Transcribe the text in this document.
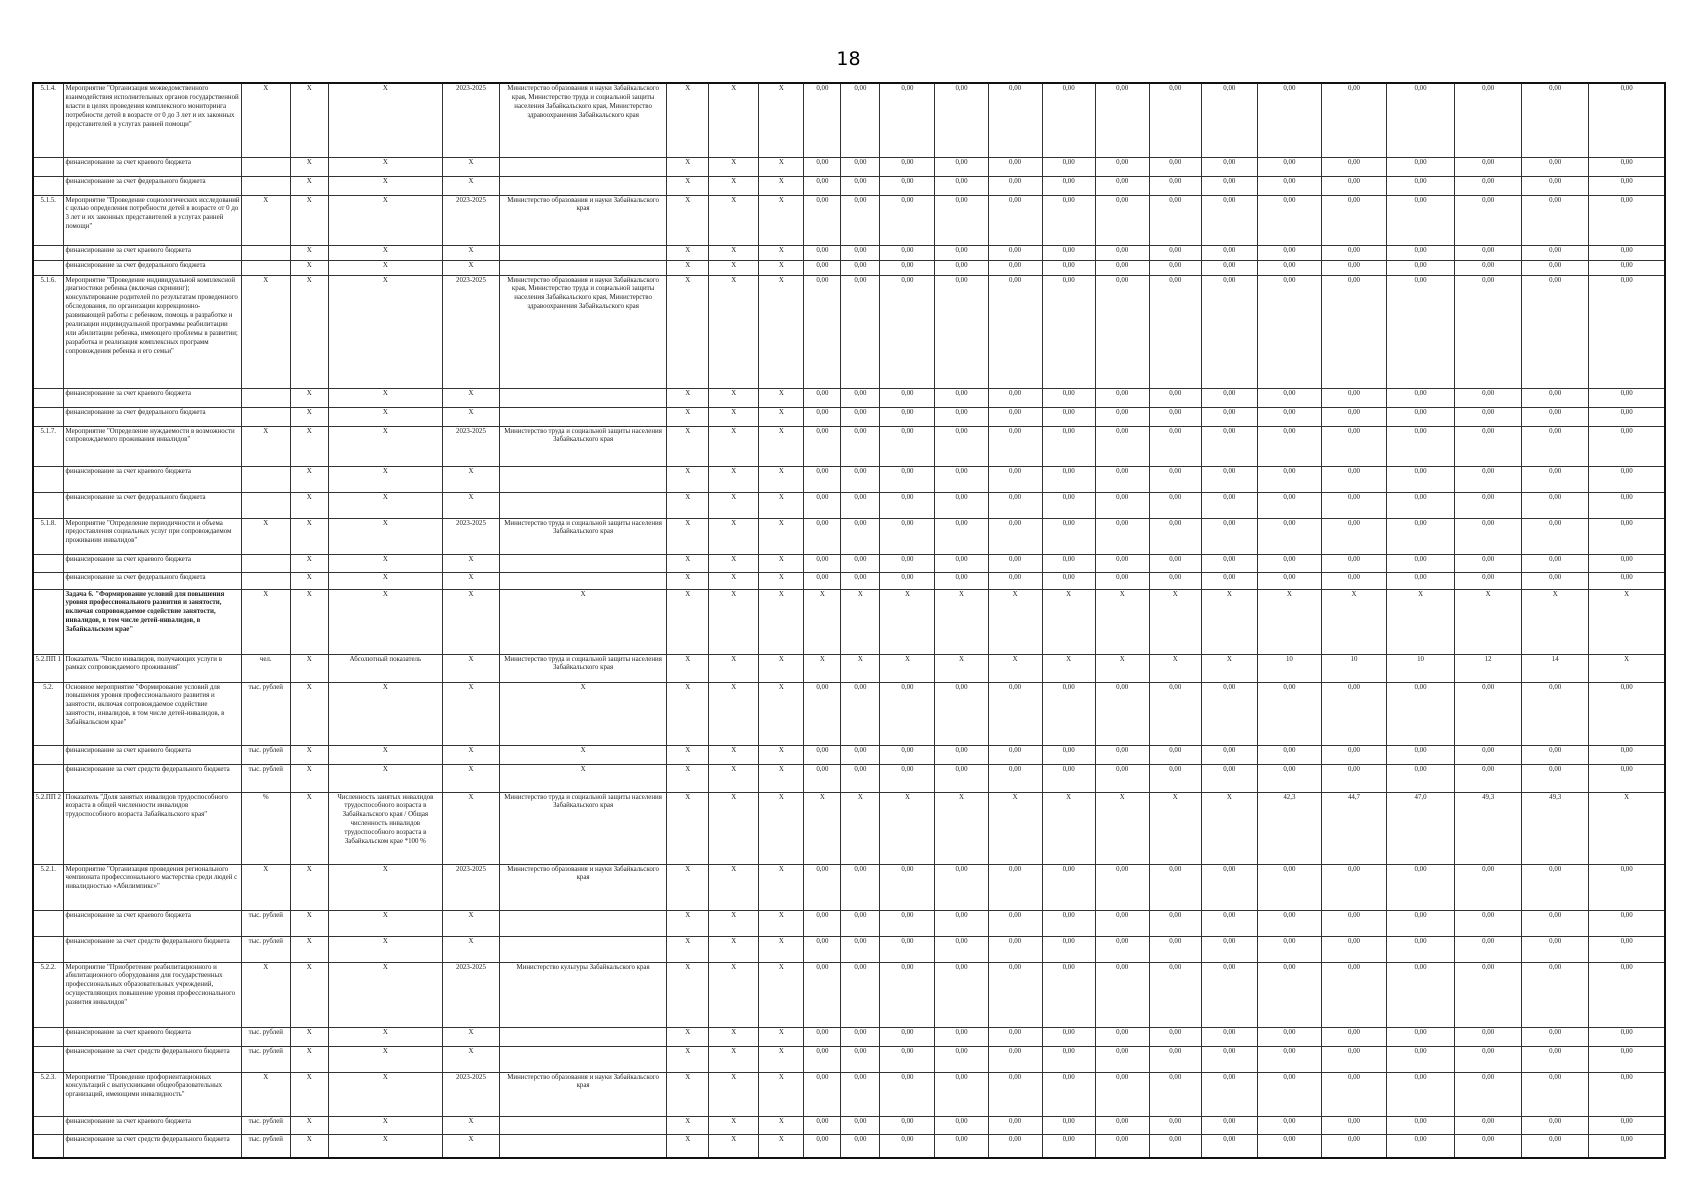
18
5.1.4.	Мероприятие "Организация межведомственного взаимодействия исполнительных органов государственной власти в целях проведения комплексного мониторинга потребности детей в возрасте от 0 до 3 лет и их законных представителей в услугах ранней помощи"	Х	Х	Х	2023-2025	Министерство образования и науки Забайкальского края, Министерство труда и социальной защиты населения Забайкальского края, Министерство здравоохранения Забайкальского края	Х	Х	Х	0,00	0,00	0,00	0,00	0,00	0,00	0,00	0,00	0,00	0,00	0,00	0,00	0,00	0,00	0,00
	финансирование за счет краевого бюджета		Х	Х	Х		Х	Х	Х	0,00	0,00	0,00	0,00	0,00	0,00	0,00	0,00	0,00	0,00	0,00	0,00	0,00	0,00	0,00
	финансирование за счет федерального бюджета		Х	Х	Х		Х	Х	Х	0,00	0,00	0,00	0,00	0,00	0,00	0,00	0,00	0,00	0,00	0,00	0,00	0,00	0,00	0,00
5.1.5.	Мероприятие "Проведение социологических исследований с целью определения потребности детей в возрасте от 0 до 3 лет и их законных представителей в услугах ранней помощи"	Х	Х	Х	2023-2025	Министерство образования и науки Забайкальского края	Х	Х	Х	0,00	0,00	0,00	0,00	0,00	0,00	0,00	0,00	0,00	0,00	0,00	0,00	0,00	0,00	0,00
	финансирование за счет краевого бюджета		Х	Х	Х		Х	Х	Х	0,00	0,00	0,00	0,00	0,00	0,00	0,00	0,00	0,00	0,00	0,00	0,00	0,00	0,00	0,00
	финансирование за счет федерального бюджета		Х	Х	Х		Х	Х	Х	0,00	0,00	0,00	0,00	0,00	0,00	0,00	0,00	0,00	0,00	0,00	0,00	0,00	0,00	0,00
5.1.6.	Мероприятие "Проведение индивидуальной комплексной диагностики ребенка (включая скрининг); консультирование родителей по результатам проведенного обследования, по организации коррекционно-развивающей работы с ребенком, помощь в разработке и реализации индивидуальной программы реабилитации или абилитации ребенка, имеющего проблемы в развитии; разработка и реализация комплексных программ сопровождения ребенка и его семьи"	Х	Х	Х	2023-2025	Министерство образования и науки Забайкальского края, Министерство труда и социальной защиты населения Забайкальского края, Министерство здравоохранения Забайкальского края	Х	Х	Х	0,00	0,00	0,00	0,00	0,00	0,00	0,00	0,00	0,00	0,00	0,00	0,00	0,00	0,00	0,00
	финансирование за счет краевого бюджета		Х	Х	Х		Х	Х	Х	0,00	0,00	0,00	0,00	0,00	0,00	0,00	0,00	0,00	0,00	0,00	0,00	0,00	0,00	0,00
	финансирование за счет федерального бюджета		Х	Х	Х		Х	Х	Х	0,00	0,00	0,00	0,00	0,00	0,00	0,00	0,00	0,00	0,00	0,00	0,00	0,00	0,00	0,00
5.1.7.	Мероприятие "Определение нуждаемости в возможности сопровождаемого проживания инвалидов"	Х	Х	Х	2023-2025	Министерство труда и социальной защиты населения Забайкальского края	Х	Х	Х	0,00	0,00	0,00	0,00	0,00	0,00	0,00	0,00	0,00	0,00	0,00	0,00	0,00	0,00	0,00
	финансирование за счет краевого бюджета		Х	Х	Х		Х	Х	Х	0,00	0,00	0,00	0,00	0,00	0,00	0,00	0,00	0,00	0,00	0,00	0,00	0,00	0,00	0,00
	финансирование за счет федерального бюджета		Х	Х	Х		Х	Х	Х	0,00	0,00	0,00	0,00	0,00	0,00	0,00	0,00	0,00	0,00	0,00	0,00	0,00	0,00	0,00
5.1.8.	Мероприятие "Определение периодичности и объема предоставления социальных услуг при сопровождаемом проживании инвалидов"	Х	Х	Х	2023-2025	Министерство труда и социальной защиты населения Забайкальского края	Х	Х	Х	0,00	0,00	0,00	0,00	0,00	0,00	0,00	0,00	0,00	0,00	0,00	0,00	0,00	0,00	0,00
	финансирование за счет краевого бюджета		Х	Х	Х		Х	Х	Х	0,00	0,00	0,00	0,00	0,00	0,00	0,00	0,00	0,00	0,00	0,00	0,00	0,00	0,00	0,00
	финансирование за счет федерального бюджета		Х	Х	Х		Х	Х	Х	0,00	0,00	0,00	0,00	0,00	0,00	0,00	0,00	0,00	0,00	0,00	0,00	0,00	0,00	0,00
	Задача 6. "Формирование условий для повышения уровня профессионального развития и занятости, включая сопровождаемое содействие занятости, инвалидов, в том числе детей-инвалидов, в Забайкальском крае"	Х	Х	Х	Х	Х	Х	Х	Х	Х	Х	Х	Х	Х	Х	Х	Х	Х	Х	Х	Х	Х	Х	Х
5.2.ПП 1	Показатель "Число инвалидов, получающих услуги в рамках сопровождаемого проживания"	чел.	Х	Абсолютный показатель	Х	Министерство труда и социальной защиты населения Забайкальского края	Х	Х	Х	Х	Х	Х	Х	Х	Х	Х	Х	Х	10	10	10	12	14	Х
5.2.	Основное мероприятие "Формирование условий для повышения уровня профессионального развития и занятости, включая сопровождаемое содействие занятости, инвалидов, в том числе детей-инвалидов, в Забайкальском крае"	тыс. рублей	Х	Х	Х	Х	Х	Х	Х	0,00	0,00	0,00	0,00	0,00	0,00	0,00	0,00	0,00	0,00	0,00	0,00	0,00	0,00	0,00
	финансирование за счет краевого бюджета	тыс. рублей	Х	Х	Х	Х	Х	Х	Х	0,00	0,00	0,00	0,00	0,00	0,00	0,00	0,00	0,00	0,00	0,00	0,00	0,00	0,00	0,00
	финансирование за счет средств федерального бюджета	тыс. рублей	Х	Х	Х	Х	Х	Х	Х	0,00	0,00	0,00	0,00	0,00	0,00	0,00	0,00	0,00	0,00	0,00	0,00	0,00	0,00	0,00
5.2.ПП 2	Показатель "Доля занятых инвалидов трудоспособного возраста в общей численности инвалидов трудоспособного возраста Забайкальского края"	%	Х	Численность занятых инвалидов трудоспособного возраста в Забайкальского края / Общая численность инвалидов трудоспособного возраста в Забайкальском крае *100 %	Х	Министерство труда и социальной защиты населения Забайкальского края	Х	Х	Х	Х	Х	Х	Х	Х	Х	Х	Х	Х	42,3	44,7	47,0	49,3	49,3	Х
5.2.1.	Мероприятие "Организация проведения регионального чемпионата профессионального мастерства среди людей с инвалидностью «Абилимпикс»"	Х	Х	Х	2023-2025	Министерство образования и науки Забайкальского края	Х	Х	Х	0,00	0,00	0,00	0,00	0,00	0,00	0,00	0,00	0,00	0,00	0,00	0,00	0,00	0,00	0,00
	финансирование за счет краевого бюджета	тыс. рублей	Х	Х	Х		Х	Х	Х	0,00	0,00	0,00	0,00	0,00	0,00	0,00	0,00	0,00	0,00	0,00	0,00	0,00	0,00	0,00
	финансирование за счет средств федерального бюджета	тыс. рублей	Х	Х	Х		Х	Х	Х	0,00	0,00	0,00	0,00	0,00	0,00	0,00	0,00	0,00	0,00	0,00	0,00	0,00	0,00	0,00
5.2.2.	Мероприятие "Приобретение реабилитационного и абилитационного оборудования для государственных профессиональных образовательных учреждений, осуществляющих повышение уровня профессионального развития инвалидов"	Х	Х	Х	2023-2025	Министерство культуры Забайкальского края	Х	Х	Х	0,00	0,00	0,00	0,00	0,00	0,00	0,00	0,00	0,00	0,00	0,00	0,00	0,00	0,00	0,00
	финансирование за счет краевого бюджета	тыс. рублей	Х	Х	Х		Х	Х	Х	0,00	0,00	0,00	0,00	0,00	0,00	0,00	0,00	0,00	0,00	0,00	0,00	0,00	0,00	0,00
	финансирование за счет средств федерального бюджета	тыс. рублей	Х	Х	Х		Х	Х	Х	0,00	0,00	0,00	0,00	0,00	0,00	0,00	0,00	0,00	0,00	0,00	0,00	0,00	0,00	0,00
5.2.3.	Мероприятие "Проведение профориентационных консультаций с выпускниками общеобразовательных организаций, имеющими инвалидность"	Х	Х	Х	2023-2025	Министерство образования и науки Забайкальского края	Х	Х	Х	0,00	0,00	0,00	0,00	0,00	0,00	0,00	0,00	0,00	0,00	0,00	0,00	0,00	0,00	0,00
	финансирование за счет краевого бюджета	тыс. рублей	Х	Х	Х		Х	Х	Х	0,00	0,00	0,00	0,00	0,00	0,00	0,00	0,00	0,00	0,00	0,00	0,00	0,00	0,00	0,00
	финансирование за счет средств федерального бюджета	тыс. рублей	Х	Х	Х		Х	Х	Х	0,00	0,00	0,00	0,00	0,00	0,00	0,00	0,00	0,00	0,00	0,00	0,00	0,00	0,00	0,00
